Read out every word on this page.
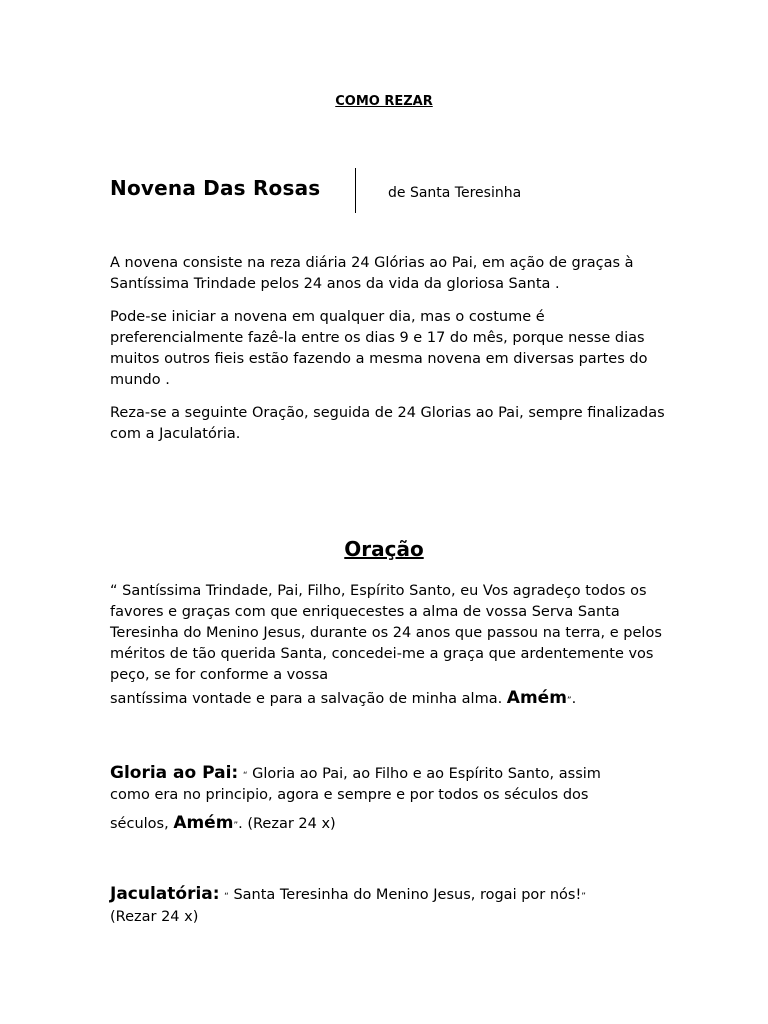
COMO REZAR
Novena Das Rosas	de Santa Teresinha

A novena consiste na reza diária 24 Glórias ao Pai, em ação de graças à Santíssima Trindade pelos 24 anos da vida da gloriosa Santa .

Pode-se iniciar a novena em qualquer dia, mas o costume é preferencialmente fazê-la entre os dias 9 e 17 do mês, porque nesse dias muitos outros fieis estão fazendo a mesma novena em diversas partes do mundo .

Reza-se a seguinte Oração, seguida de 24 Glorias ao Pai, sempre finalizadas com a Jaculatória.

Oração

“ Santíssima Trindade, Pai, Filho, Espírito Santo, eu Vos agradeço todos os favores e graças com que enriquecestes a alma de vossa Serva Santa Teresinha do Menino Jesus, durante os 24 anos que passou na terra, e pelos méritos de tão querida Santa, concedei-me a graça que ardentemente vos peço, se for conforme a vossa

santíssima vontade e para a salvação de minha alma. Amém”.
Gloria ao Pai: “ Gloria ao Pai, ao Filho e ao Espírito Santo, assim
como era no principio, agora e sempre e por todos os séculos dos
séculos, Amém”. (Rezar 24 x)
Jaculatória: “ Santa Teresinha do Menino Jesus, rogai por nós!”
(Rezar 24 x)
